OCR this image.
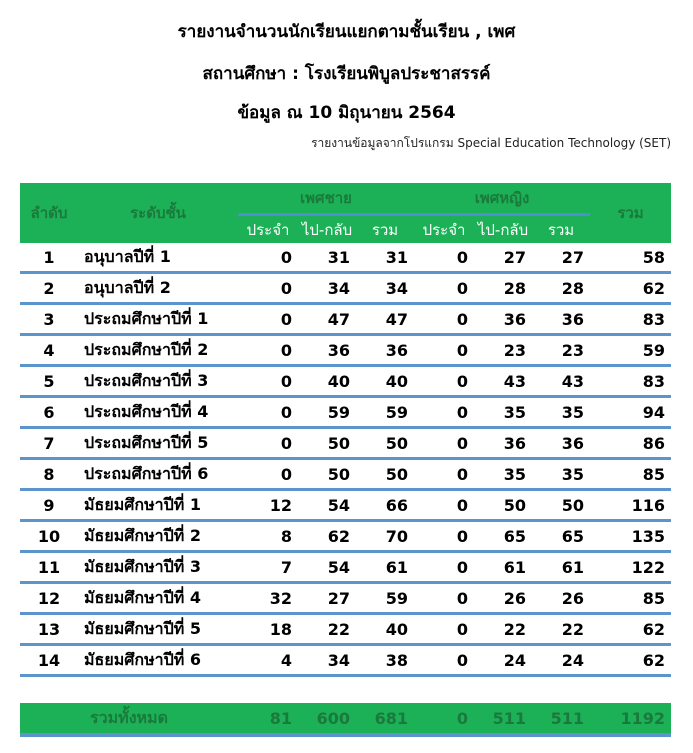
รายงานจำนวนนักเรียนแยกตามชั้นเรียน , เพศ
สถานศึกษา : โรงเรียนพิบูลประชาสรรค์
ข้อมูล ณ 10 มิถุนายน 2564
รายงานข้อมูลจากโปรแกรม Special Education Technology (SET)
ลำดับ	ระดับชั้น	เพศชาย			เพศหญิง			รวม
		ประจำ	ไป-กลับ	รวม	ประจำ	ไป-กลับ	รวม	
1	อนุบาลปีที่ 1	0	31	31	0	27	27	58
2	อนุบาลปีที่ 2	0	34	34	0	28	28	62
3	ประถมศึกษาปีที่ 1	0	47	47	0	36	36	83
4	ประถมศึกษาปีที่ 2	0	36	36	0	23	23	59
5	ประถมศึกษาปีที่ 3	0	40	40	0	43	43	83
6	ประถมศึกษาปีที่ 4	0	59	59	0	35	35	94
7	ประถมศึกษาปีที่ 5	0	50	50	0	36	36	86
8	ประถมศึกษาปีที่ 6	0	50	50	0	35	35	85
9	มัธยมศึกษาปีที่ 1	12	54	66	0	50	50	116
10	มัธยมศึกษาปีที่ 2	8	62	70	0	65	65	135
11	มัธยมศึกษาปีที่ 3	7	54	61	0	61	61	122
12	มัธยมศึกษาปีที่ 4	32	27	59	0	26	26	85
13	มัธยมศึกษาปีที่ 5	18	22	40	0	22	22	62
14	มัธยมศึกษาปีที่ 6	4	34	38	0	24	24	62

รวมทั้งหมด		81	600	681	0	511	511	1192
